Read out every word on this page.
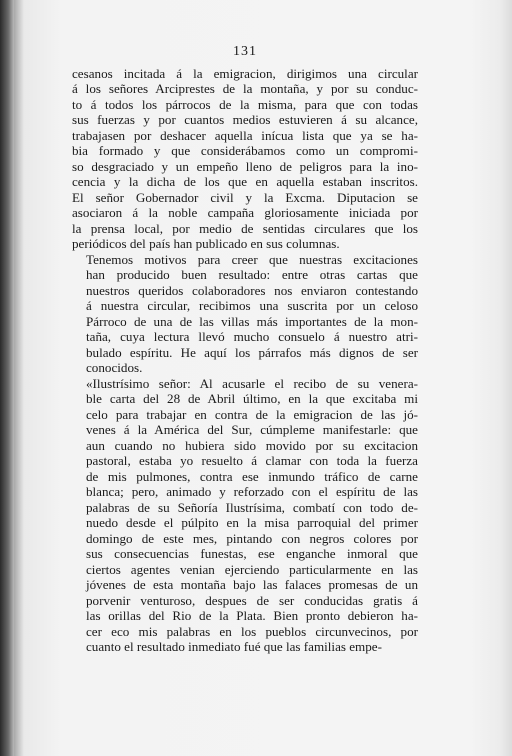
131

cesanos incitada á la emigracion, dirigimos una circular
á los señores Arciprestes de la montaña, y por su conduc-
to á todos los párrocos de la misma, para que con todas
sus fuerzas y por cuantos medios estuvieren á su alcance,
trabajasen por deshacer aquella inícua lista que ya se ha-
bia formado y que considerábamos como un compromi-
so desgraciado y un empeño lleno de peligros para la ino-
cencia y la dicha de los que en aquella estaban inscritos.
El señor Gobernador civil y la Excma. Diputacion se
asociaron á la noble campaña gloriosamente iniciada por
la prensa local, por medio de sentidas circulares que los
periódicos del país han publicado en sus columnas.

Tenemos motivos para creer que nuestras excitaciones
han producido buen resultado: entre otras cartas que
nuestros queridos colaboradores nos enviaron contestando
á nuestra circular, recibimos una suscrita por un celoso
Párroco de una de las villas más importantes de la mon-
taña, cuya lectura llevó mucho consuelo á nuestro atri-
bulado espíritu. He aquí los párrafos más dignos de ser
conocidos.

«Ilustrísimo señor: Al acusarle el recibo de su venera-
ble carta del 28 de Abril último, en la que excitaba mi
celo para trabajar en contra de la emigracion de las jó-
venes á la América del Sur, cúmpleme manifestarle: que
aun cuando no hubiera sido movido por su excitacion
pastoral, estaba yo resuelto á clamar con toda la fuerza
de mis pulmones, contra ese inmundo tráfico de carne
blanca; pero, animado y reforzado con el espíritu de las
palabras de su Señoría Ilustrísima, combatí con todo de-
nuedo desde el púlpito en la misa parroquial del primer
domingo de este mes, pintando con negros colores por
sus consecuencias funestas, ese enganche inmoral que
ciertos agentes venian ejerciendo particularmente en las
jóvenes de esta montaña bajo las falaces promesas de un
porvenir venturoso, despues de ser conducidas gratis á
las orillas del Rio de la Plata. Bien pronto debieron ha-
cer eco mis palabras en los pueblos circunvecinos, por
cuanto el resultado inmediato fué que las familias empe-
